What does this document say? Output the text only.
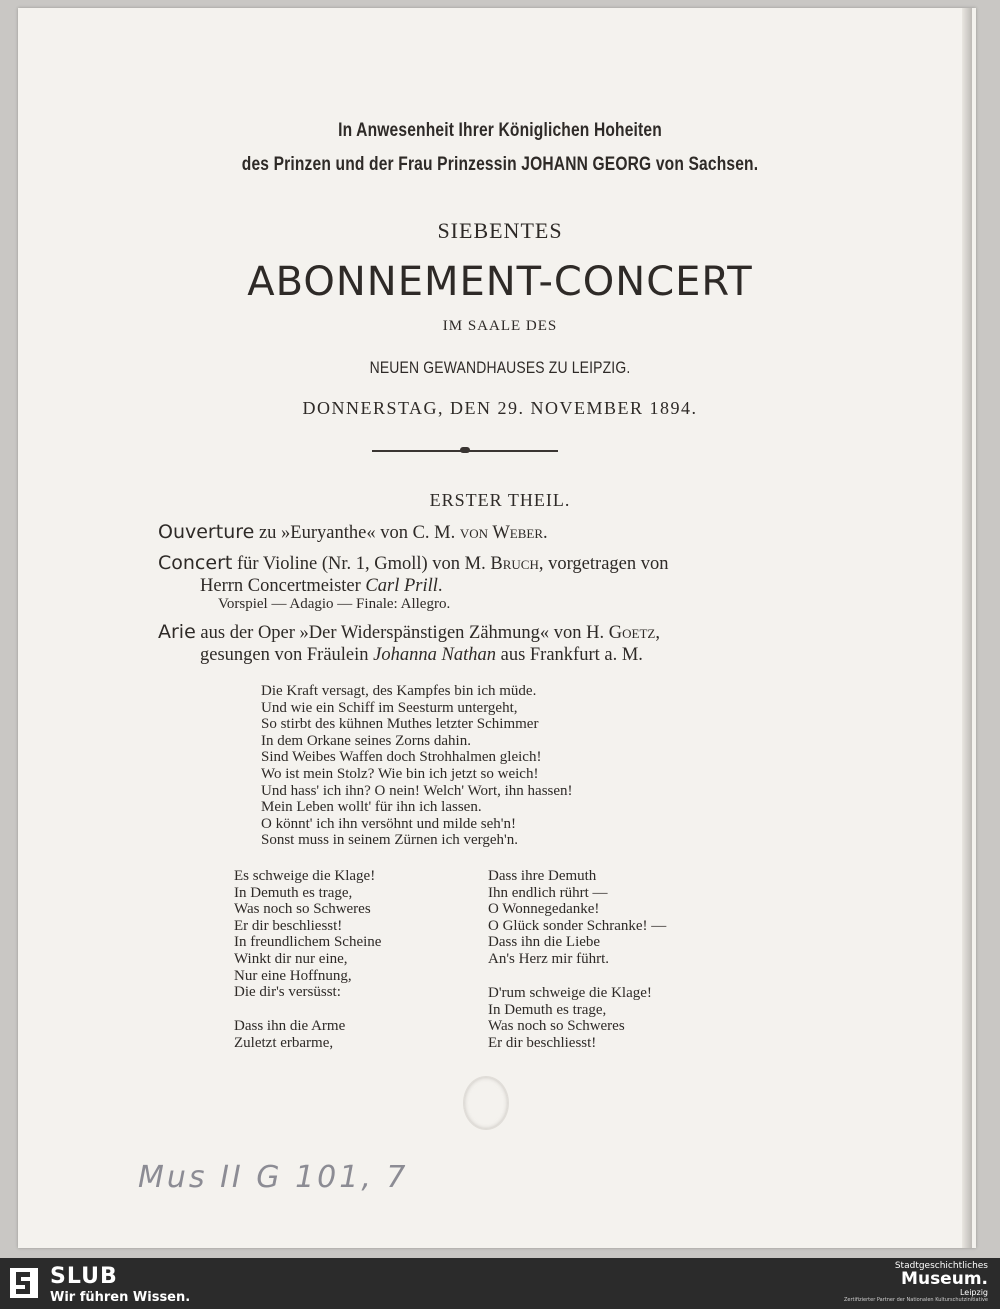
In Anwesenheit Ihrer Königlichen Hoheiten
des Prinzen und der Frau Prinzessin JOHANN GEORG von Sachsen.
SIEBENTES
ABONNEMENT-CONCERT
IM SAALE DES
NEUEN GEWANDHAUSES ZU LEIPZIG.
DONNERSTAG, DEN 29. NOVEMBER 1894.
ERSTER THEIL.
Ouverture zu »Euryanthe« von C. M. von Weber.
Concert für Violine (Nr. 1, Gmoll) von M. Bruch, vorgetragen von
Herrn Concertmeister Carl Prill.
Vorspiel — Adagio — Finale: Allegro.
Arie aus der Oper »Der Widerspänstigen Zähmung« von H. Goetz,
gesungen von Fräulein Johanna Nathan aus Frankfurt a. M.
Die Kraft versagt, des Kampfes bin ich müde.
Und wie ein Schiff im Seesturm untergeht,
So stirbt des kühnen Muthes letzter Schimmer
In dem Orkane seines Zorns dahin.
Sind Weibes Waffen doch Strohhalmen gleich!
Wo ist mein Stolz? Wie bin ich jetzt so weich!
Und hass' ich ihn? O nein! Welch' Wort, ihn hassen!
Mein Leben wollt' für ihn ich lassen.
O könnt' ich ihn versöhnt und milde seh'n!
Sonst muss in seinem Zürnen ich vergeh'n.
Es schweige die Klage!
In Demuth es trage,
Was noch so Schweres
Er dir beschliesst!
In freundlichem Scheine
Winkt dir nur eine,
Nur eine Hoffnung,
Die dir's versüsst:
Dass ihn die Arme
Zuletzt erbarme,
Dass ihre Demuth
Ihn endlich rührt —
O Wonnegedanke!
O Glück sonder Schranke! —
Dass ihn die Liebe
An's Herz mir führt.
D'rum schweige die Klage!
In Demuth es trage,
Was noch so Schweres
Er dir beschliesst!
Mus II G 101, 7
SLUB
Wir führen Wissen.
Stadtgeschichtliches
Museum.
Leipzig
Zertifizierter Partner der Nationalen Kulturschutzinitiative
